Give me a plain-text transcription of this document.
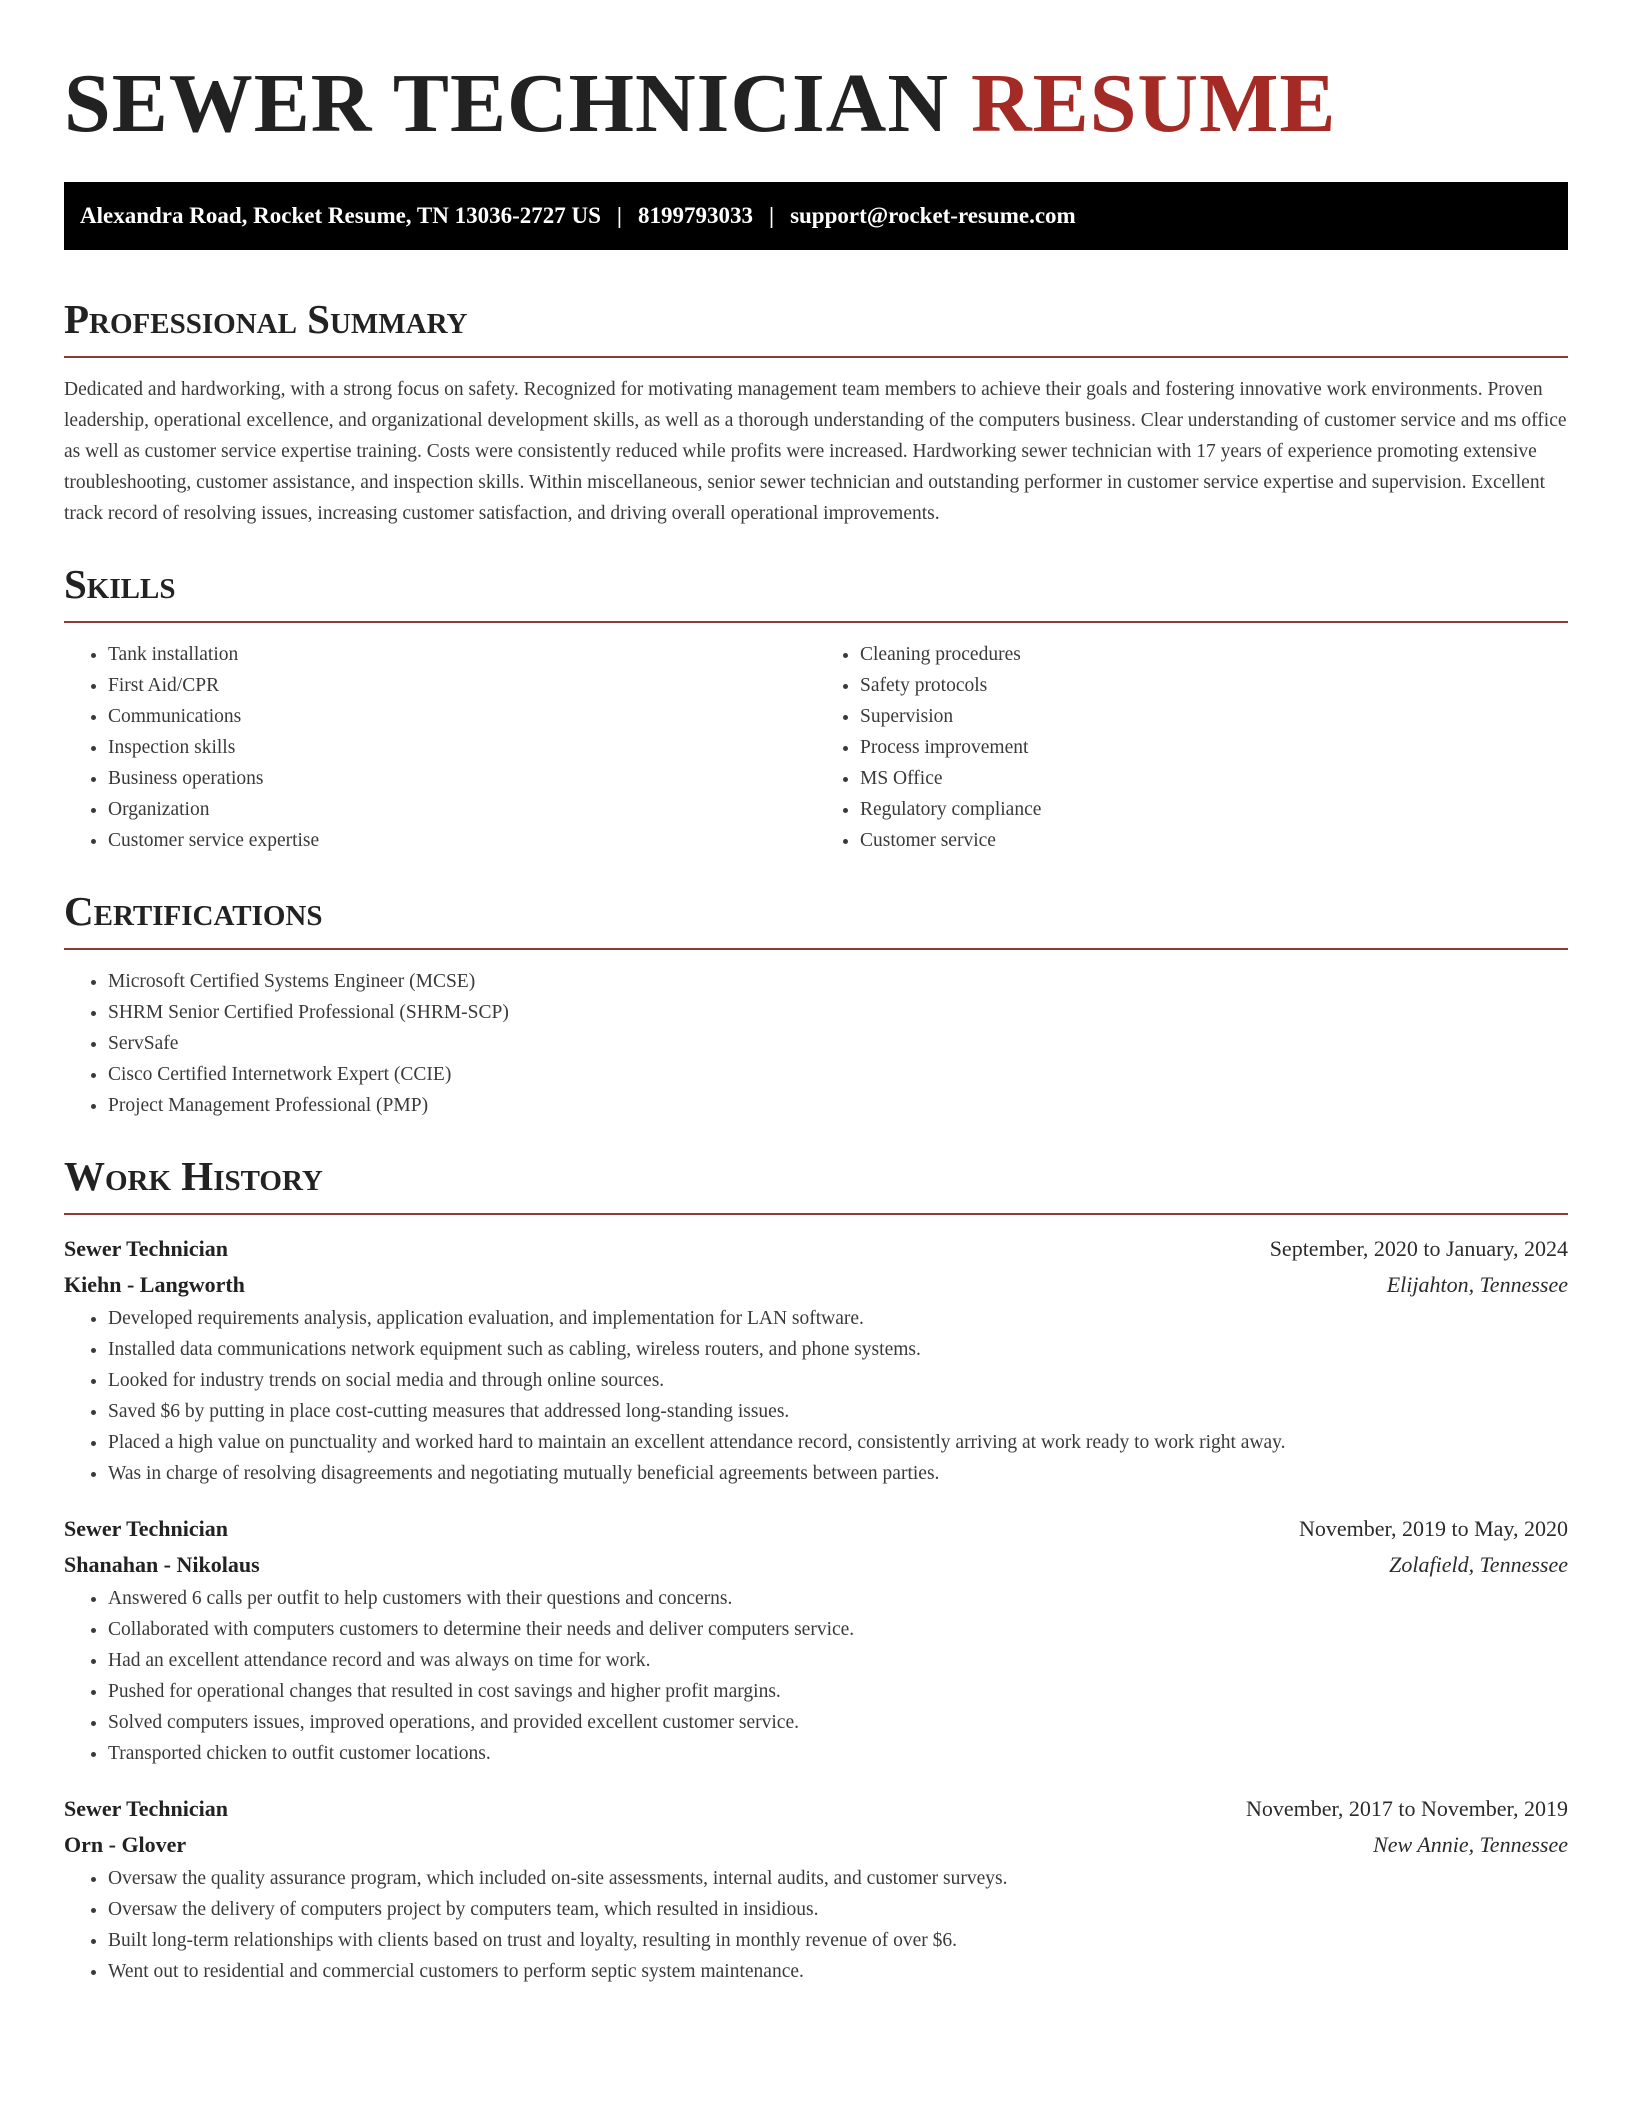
SEWER TECHNICIAN RESUME
Alexandra Road, Rocket Resume, TN 13036-2727 US | 8199793033 | support@rocket-resume.com
Professional Summary

Dedicated and hardworking, with a strong focus on safety. Recognized for motivating management team members to achieve their goals and fostering innovative work environments. Proven leadership, operational excellence, and organizational development skills, as well as a thorough understanding of the computers business. Clear understanding of customer service and ms office as well as customer service expertise training. Costs were consistently reduced while profits were increased. Hardworking sewer technician with 17 years of experience promoting extensive troubleshooting, customer assistance, and inspection skills. Within miscellaneous, senior sewer technician and outstanding performer in customer service expertise and supervision. Excellent track record of resolving issues, increasing customer satisfaction, and driving overall operational improvements.

Skills
• Tank installation
• First Aid/CPR
• Communications
• Inspection skills
• Business operations
• Organization
• Customer service expertise
• Cleaning procedures
• Safety protocols
• Supervision
• Process improvement
• MS Office
• Regulatory compliance
• Customer service
Certifications
• Microsoft Certified Systems Engineer (MCSE)
• SHRM Senior Certified Professional (SHRM-SCP)
• ServSafe
• Cisco Certified Internetwork Expert (CCIE)
• Project Management Professional (PMP)
Work History
Sewer Technician	September, 2020 to January, 2024
Kiehn - Langworth	Elijahton, Tennessee
• Developed requirements analysis, application evaluation, and implementation for LAN software.
• Installed data communications network equipment such as cabling, wireless routers, and phone systems.
• Looked for industry trends on social media and through online sources.
• Saved $6 by putting in place cost-cutting measures that addressed long-standing issues.
• Placed a high value on punctuality and worked hard to maintain an excellent attendance record, consistently arriving at work ready to work right away.
• Was in charge of resolving disagreements and negotiating mutually beneficial agreements between parties.
Sewer Technician	November, 2019 to May, 2020
Shanahan - Nikolaus	Zolafield, Tennessee
• Answered 6 calls per outfit to help customers with their questions and concerns.
• Collaborated with computers customers to determine their needs and deliver computers service.
• Had an excellent attendance record and was always on time for work.
• Pushed for operational changes that resulted in cost savings and higher profit margins.
• Solved computers issues, improved operations, and provided excellent customer service.
• Transported chicken to outfit customer locations.
Sewer Technician	November, 2017 to November, 2019
Orn - Glover	New Annie, Tennessee
• Oversaw the quality assurance program, which included on-site assessments, internal audits, and customer surveys.
• Oversaw the delivery of computers project by computers team, which resulted in insidious.
• Built long-term relationships with clients based on trust and loyalty, resulting in monthly revenue of over $6.
• Went out to residential and commercial customers to perform septic system maintenance.
